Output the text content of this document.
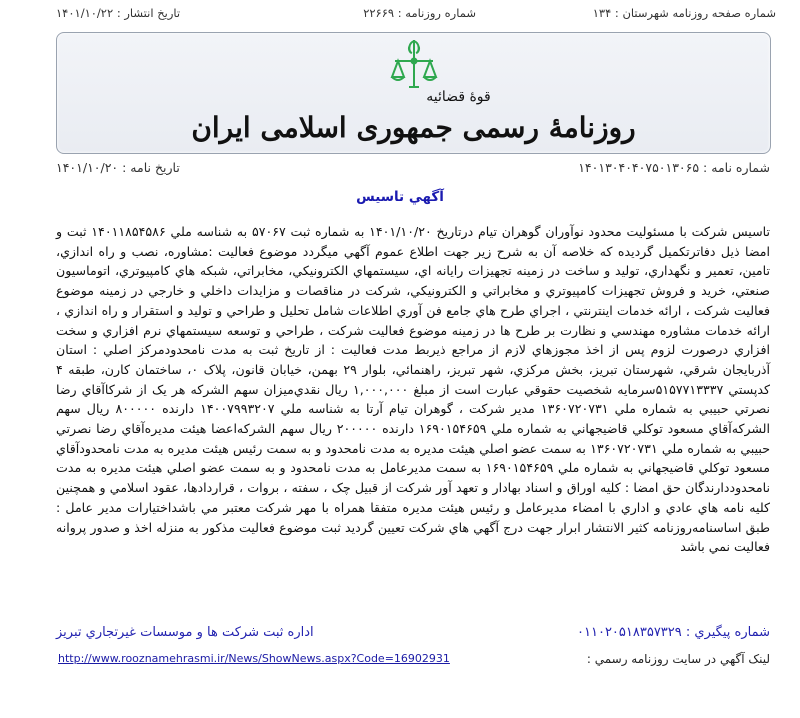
شماره صفحه روزنامه شهرستان : ۱۳۴
شماره روزنامه : ۲۲۶۶۹
تاريخ انتشار : ۱۴۰۱/۱۰/۲۲
قوهٔ قضائیه
روزنامهٔ رسمی جمهوری اسلامی ایران
شماره نامه : ۱۴۰۱۳۰۴۰۴۰۷۵۰۱۳۰۶۵
تاريخ نامه : ۱۴۰۱/۱۰/۲۰
آگهي تاسيس
تاسيس شركت با مسئوليت محدود نوآوران گوهران تيام درتاريخ ۱۴۰۱/۱۰/۲۰ به شماره ثبت ۵۷۰۶۷ به شناسه ملي ۱۴۰۱۱۸۵۴۵۸۶ ثبت و امضا ذيل دفاترتكميل گرديده كه خلاصه آن به شرح زير جهت اطلاع عموم آگهي ميگردد موضوع فعاليت :مشاوره، نصب و راه اندازي، تامين، تعمير و نگهداري، توليد و ساخت در زمينه تجهيزات رايانه اي، سيستمهاي الكترونيكي، مخابراتي، شبكه هاي كامپيوتري، اتوماسيون صنعتي، خريد و فروش تجهيزات كامپيوتري و مخابراتي و الكترونيكي، شركت در مناقصات و مزايدات داخلي و خارجي در زمينه موضوع فعاليت شركت ، ارائه خدمات اينترنتي ، اجراي طرح هاي جامع فن آوري اطلاعات شامل تحليل و طراحي و توليد و استقرار و راه اندازي ، ارائه خدمات مشاوره مهندسي و نظارت بر طرح ها در زمينه موضوع فعاليت شركت ، طراحي و توسعه سيستمهاي نرم افزاري و سخت افزاري درصورت لزوم پس از اخذ مجوزهاي لازم از مراجع ذيربط مدت فعاليت : از تاريخ ثبت به مدت نامحدودمركز اصلي : استان آذربايجان شرقي، شهرستان تبريز، بخش مركزي، شهر تبريز، راهنمائي، بلوار ۲۹ بهمن، خيابان قانون، پلاک ۰، ساختمان كارن، طبقه ۴ كدپستي ۵۱۵۷۷۱۳۳۳۷سرمايه شخصيت حقوقي عبارت است از مبلغ ۱,۰۰۰,۰۰۰ ريال نقدي‌ميزان سهم الشركه هر يک از شركاآقاي رضا نصرتي حبيبي به شماره ملي ۱۳۶۰۷۲۰۷۳۱ مدير شركت ، گوهران تيام آرتا به شناسه ملي ۱۴۰۰۷۹۹۳۲۰۷ دارنده ۸۰۰۰۰۰ ريال سهم الشركه‌آقاي مسعود توكلي قاضيجهاني به شماره ملي ۱۶۹۰۱۵۴۶۵۹ دارنده ۲۰۰۰۰۰ ريال سهم الشركه‌اعضا هيئت مديره‌آقاي رضا نصرتي حبيبي به شماره ملي ۱۳۶۰۷۲۰۷۳۱ به سمت عضو اصلي هيئت مديره به مدت نامحدود و به سمت رئيس هيئت مديره به مدت نامحدودآقاي مسعود توكلي قاضيجهاني به شماره ملي ۱۶۹۰۱۵۴۶۵۹ به سمت مديرعامل به مدت نامحدود و به سمت عضو اصلي هيئت مديره به مدت نامحدوددارندگان حق امضا : كليه اوراق و اسناد بهادار و تعهد آور شركت از قبيل چک ، سفته ، بروات ، قراردادها، عقود اسلامي و همچنين كليه نامه هاي عادي و اداري با امضاء مديرعامل و رئيس هيئت مديره متفقا همراه با مهر شركت معتبر مي باشداختيارات مدير عامل : طبق اساسنامه‌روزنامه كثير الانتشار ابرار جهت درج آگهي هاي شركت تعيين گرديد ثبت موضوع فعاليت مذكور به منزله اخذ و صدور پروانه فعاليت نمي باشد
شماره پيگيري : ۰۱۱۰۲۰۵۱۸۳۵۷۳۲۹
اداره ثبت شركت ها و موسسات غيرتجاري تبريز
لينک آگهي در سايت روزنامه رسمي :
http://www.rooznamehrasmi.ir/News/ShowNews.aspx?Code=16902931
